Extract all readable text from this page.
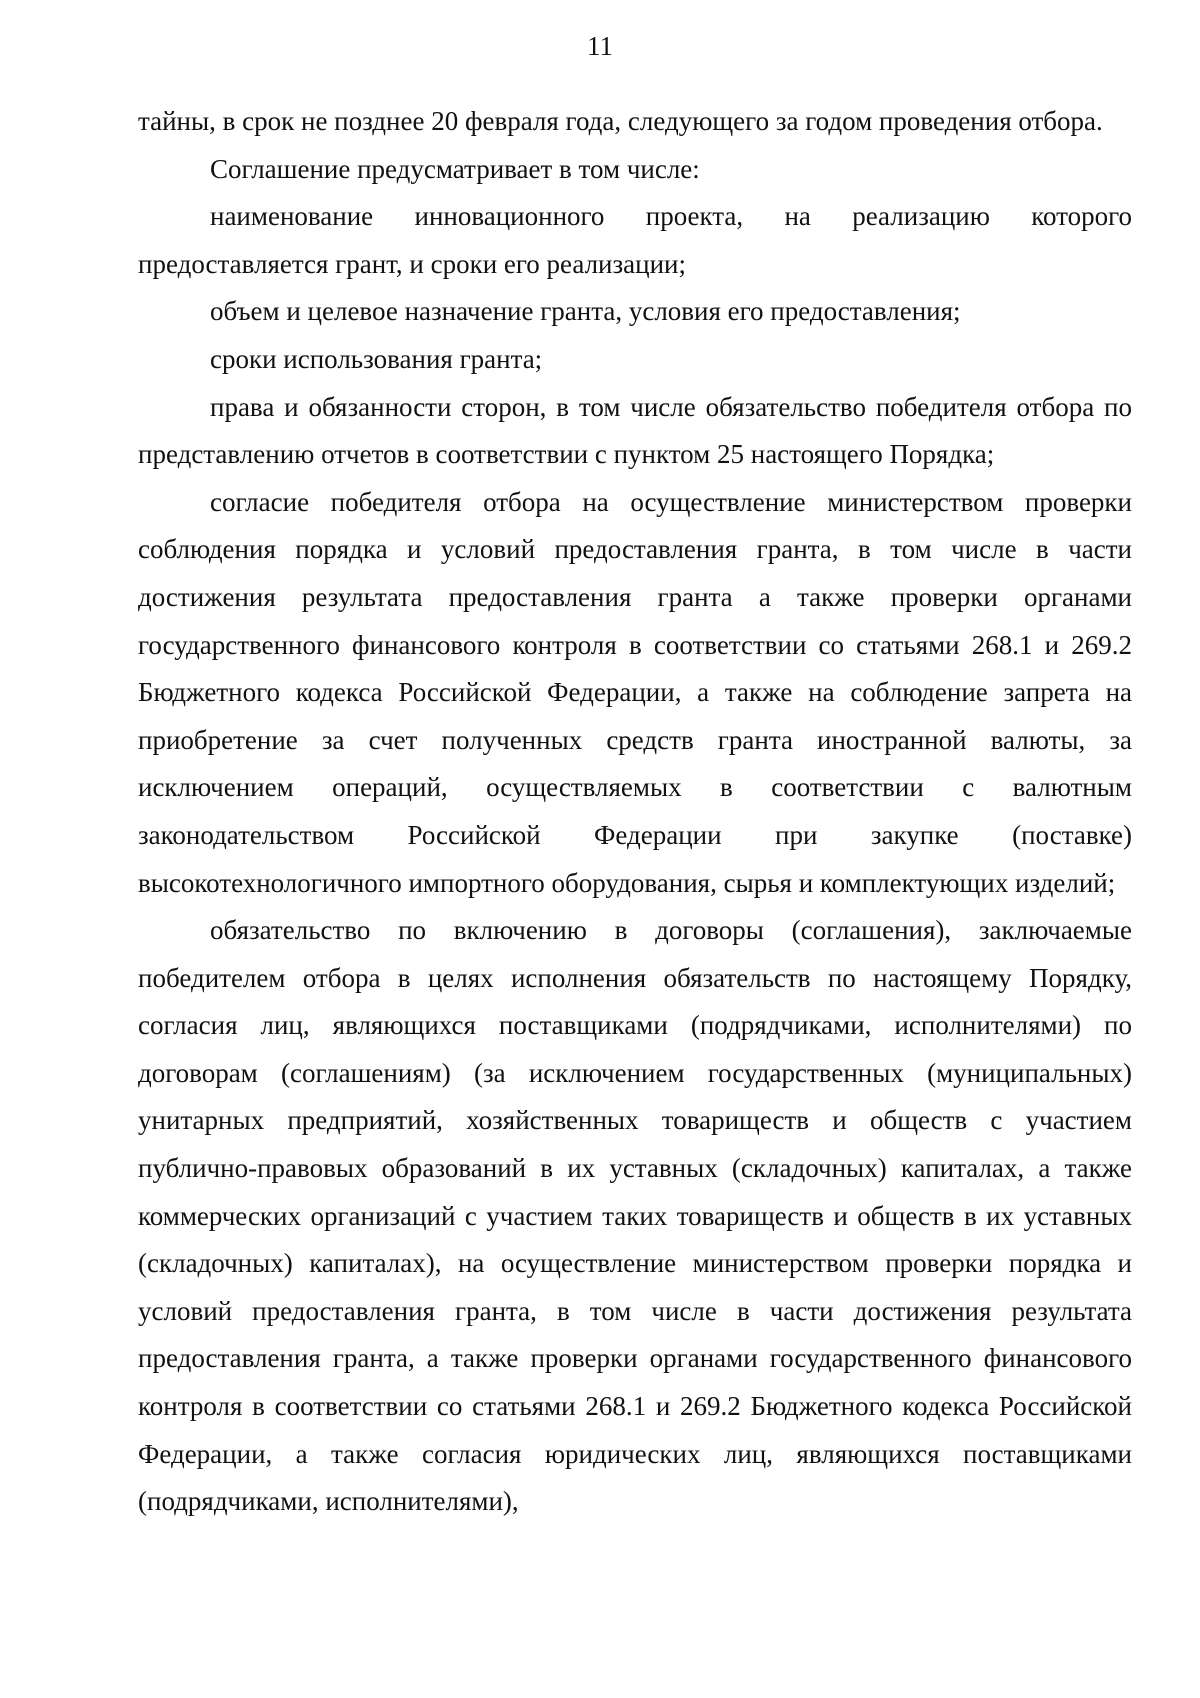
11

тайны, в срок не позднее 20 февраля года, следующего за годом проведения отбора.

Соглашение предусматривает в том числе:

наименование инновационного проекта, на реализацию которого предоставляется грант, и сроки его реализации;

объем и целевое назначение гранта, условия его предоставления;

сроки использования гранта;

права и обязанности сторон, в том числе обязательство победителя отбора по представлению отчетов в соответствии с пунктом 25 настоящего Порядка;

согласие победителя отбора на осуществление министерством проверки соблюдения порядка и условий предоставления гранта, в том числе в части достижения результата предоставления гранта а также проверки органами государственного финансового контроля в соответствии со статьями 268.1 и 269.2 Бюджетного кодекса Российской Федерации, а также на соблюдение запрета на приобретение за счет полученных средств гранта иностранной валюты, за исключением операций, осуществляемых в соответствии с валютным законодательством Российской Федерации при закупке (поставке) высокотехнологичного импортного оборудования, сырья и комплектующих изделий;

обязательство по включению в договоры (соглашения), заключаемые победителем отбора в целях исполнения обязательств по настоящему Порядку, согласия лиц, являющихся поставщиками (подрядчиками, исполнителями) по договорам (соглашениям) (за исключением государственных (муниципальных) унитарных предприятий, хозяйственных товариществ и обществ с участием публично-правовых образований в их уставных (складочных) капиталах, а также коммерческих организаций с участием таких товариществ и обществ в их уставных (складочных) капиталах), на осуществление министерством проверки порядка и условий предоставления гранта, в том числе в части достижения результата предоставления гранта, а также проверки органами государственного финансового контроля в соответствии со статьями 268.1 и 269.2 Бюджетного кодекса Российской Федерации, а также согласия юридических лиц, являющихся поставщиками (подрядчиками, исполнителями),
